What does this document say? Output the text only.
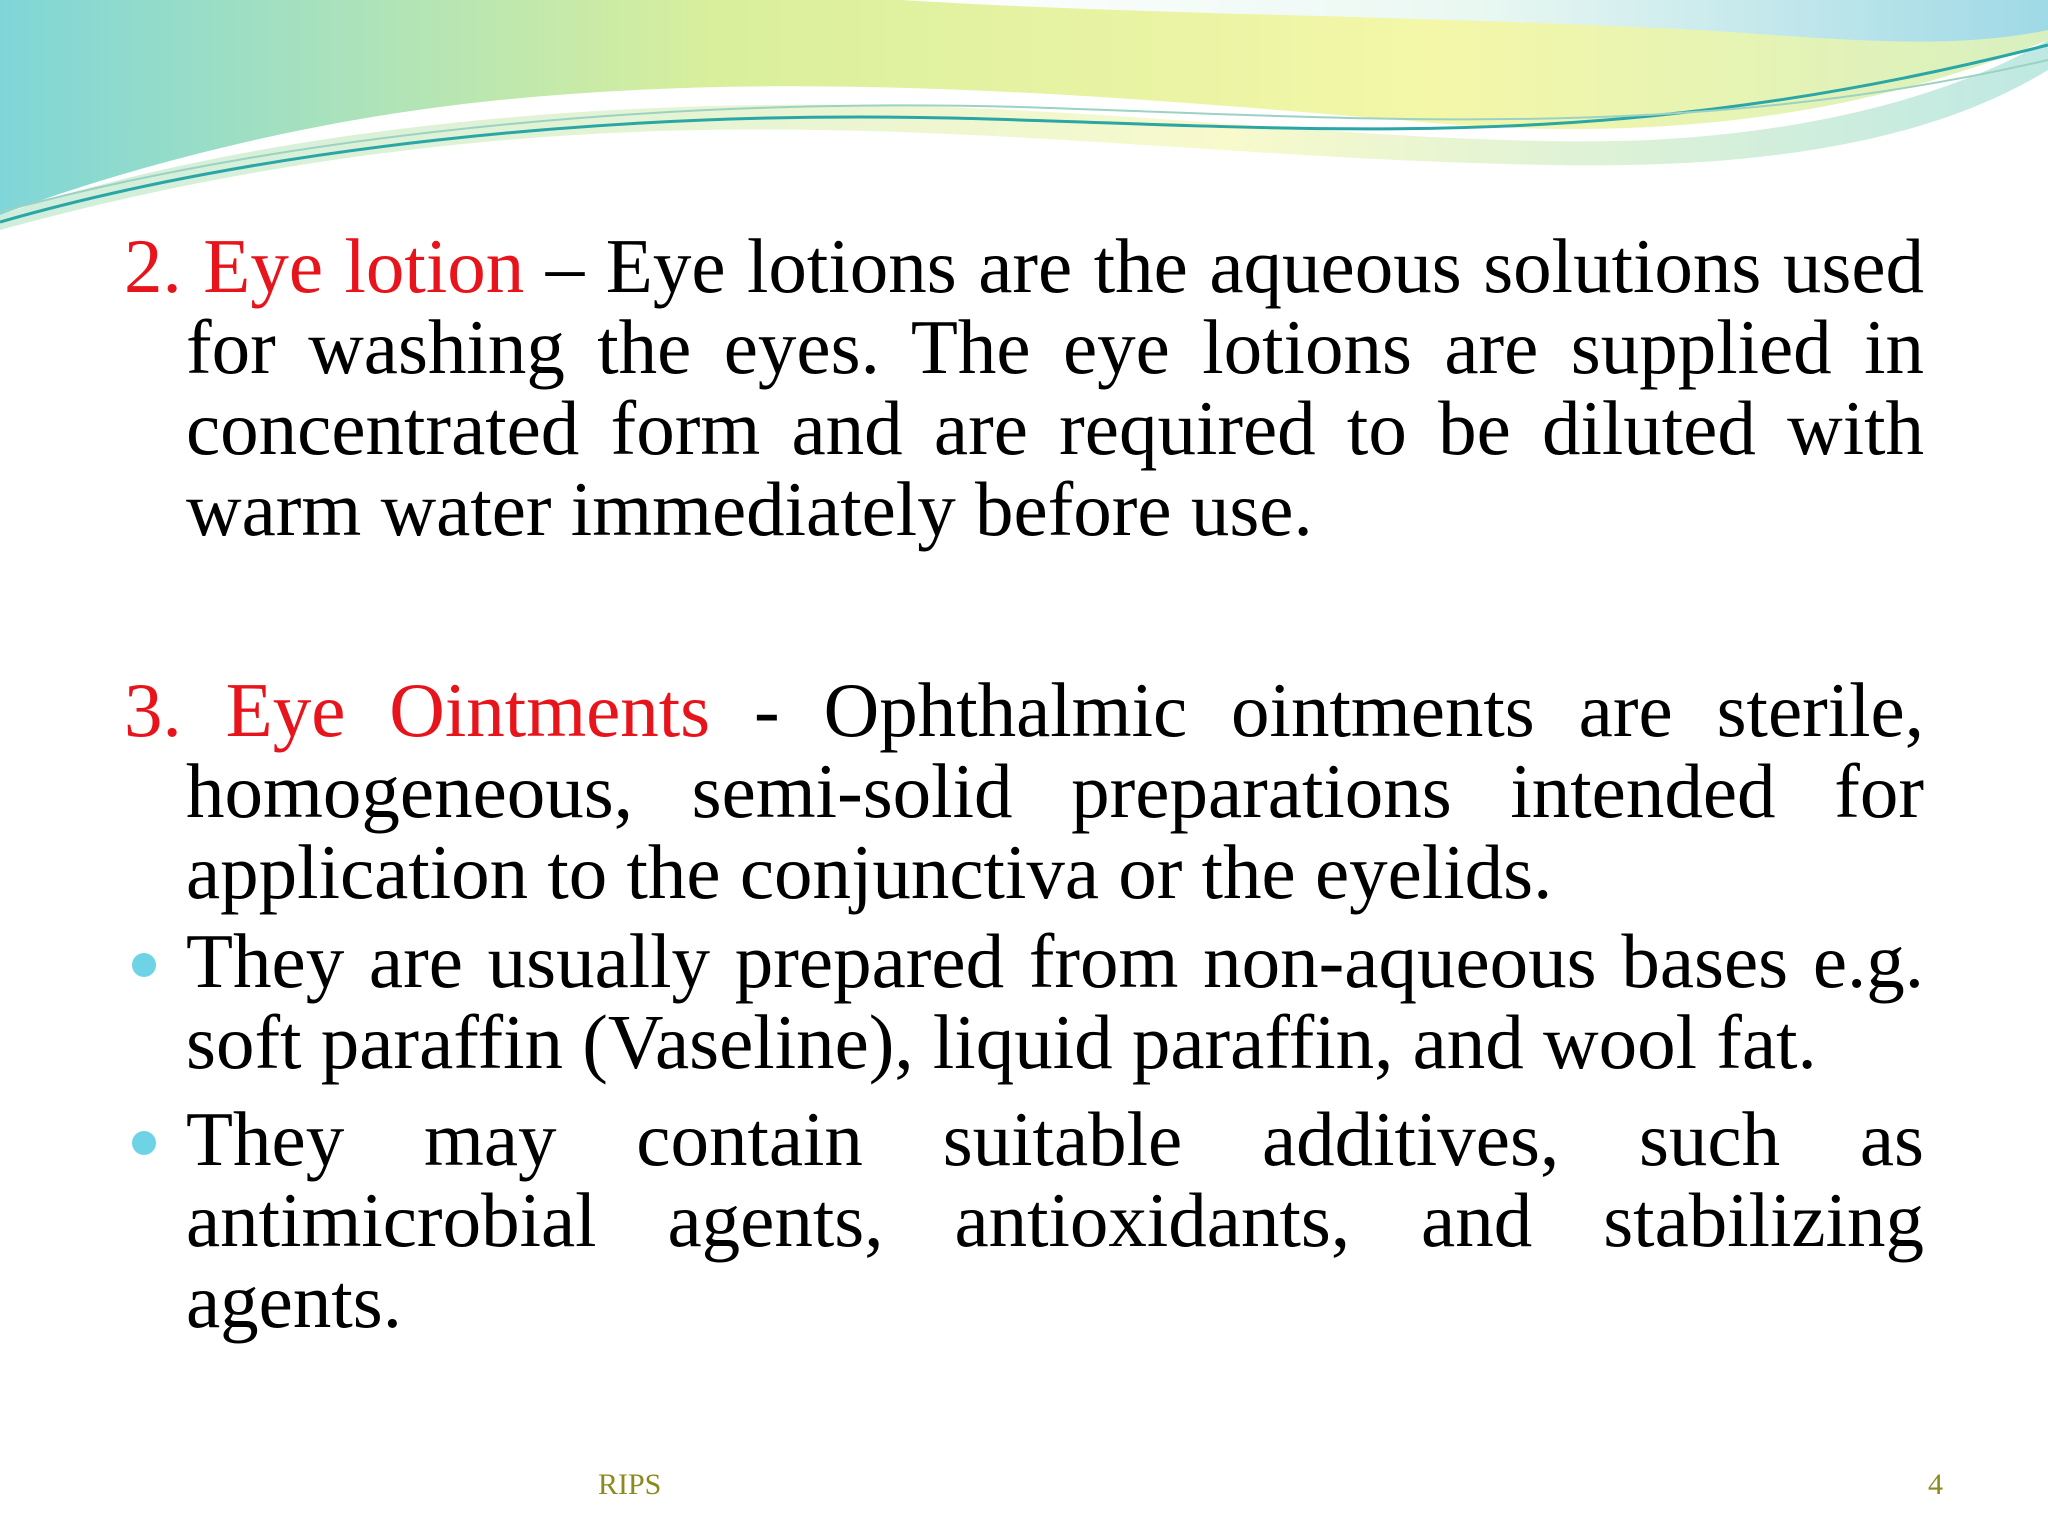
2. Eye lotion – Eye lotions are the aqueous solutions used for washing the eyes. The eye lotions are supplied in concentrated form and are required to be diluted with warm water immediately before use.

3. Eye Ointments - Ophthalmic ointments are sterile, homogeneous, semi-solid preparations intended for application to the conjunctiva or the eyelids.

They are usually prepared from non-aqueous bases e.g. soft paraffin (Vaseline), liquid paraffin, and wool fat.
They may contain suitable additives, such as antimicrobial agents, antioxidants, and stabilizing agents.
RIPS	4
